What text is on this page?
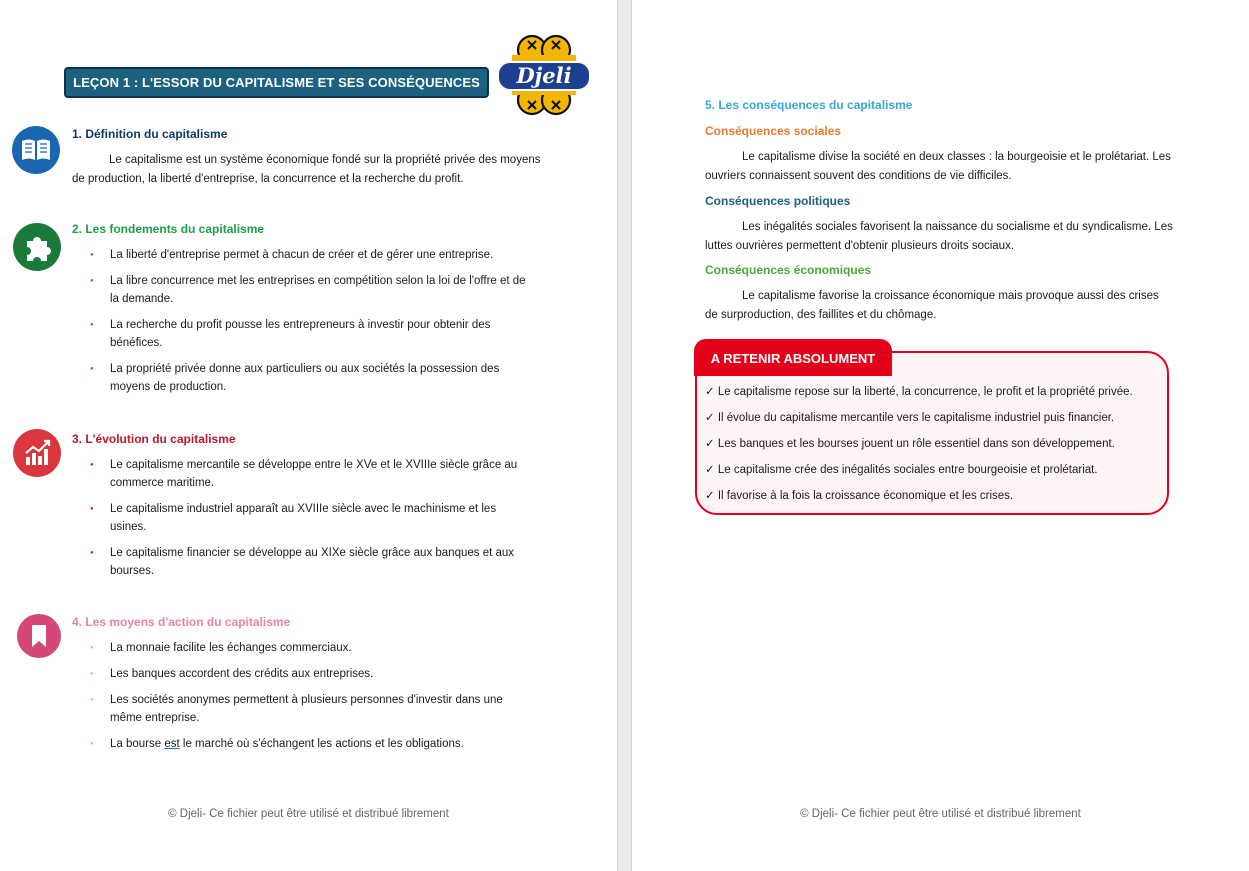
LEÇON 1 : L'ESSOR DU CAPITALISME ET SES CONSÉQUENCES	Djeli
1. Définition du capitalisme

Le capitalisme est un système économique fondé sur la propriété privée des moyens de production, la liberté d'entreprise, la concurrence et la recherche du profit.

2. Les fondements du capitalisme
● La liberté d'entreprise permet à chacun de créer et de gérer une entreprise.
● La libre concurrence met les entreprises en compétition selon la loi de l'offre et de la demande.
● La recherche du profit pousse les entrepreneurs à investir pour obtenir des bénéfices.
● La propriété privée donne aux particuliers ou aux sociétés la possession des moyens de production.
3. L'évolution du capitalisme
● Le capitalisme mercantile se développe entre le XVe et le XVIIIe siècle grâce au commerce maritime.
● Le capitalisme industriel apparaît au XVIIIe siècle avec le machinisme et les usines.
● Le capitalisme financier se développe au XIXe siècle grâce aux banques et aux bourses.
4. Les moyens d'action du capitalisme
● La monnaie facilite les échanges commerciaux.
● Les banques accordent des crédits aux entreprises.
● Les sociétés anonymes permettent à plusieurs personnes d'investir dans une même entreprise.
● La bourse est le marché où s'échangent les actions et les obligations.
© Djeli- Ce fichier peut être utilisé et distribué librement
5. Les conséquences du capitalisme
Conséquences sociales

Le capitalisme divise la société en deux classes : la bourgeoisie et le prolétariat. Les ouvriers connaissent souvent des conditions de vie difficiles.

Conséquences politiques

Les inégalités sociales favorisent la naissance du socialisme et du syndicalisme. Les luttes ouvrières permettent d'obtenir plusieurs droits sociaux.

Conséquences économiques

Le capitalisme favorise la croissance économique mais provoque aussi des crises de surproduction, des faillites et du chômage.

A RETENIR ABSOLUMENT
✓ Le capitalisme repose sur la liberté, la concurrence, le profit et la propriété privée.
✓ Il évolue du capitalisme mercantile vers le capitalisme industriel puis financier.
✓ Les banques et les bourses jouent un rôle essentiel dans son développement.
✓ Le capitalisme crée des inégalités sociales entre bourgeoisie et prolétariat.
✓ Il favorise à la fois la croissance économique et les crises.
© Djeli- Ce fichier peut être utilisé et distribué librement
